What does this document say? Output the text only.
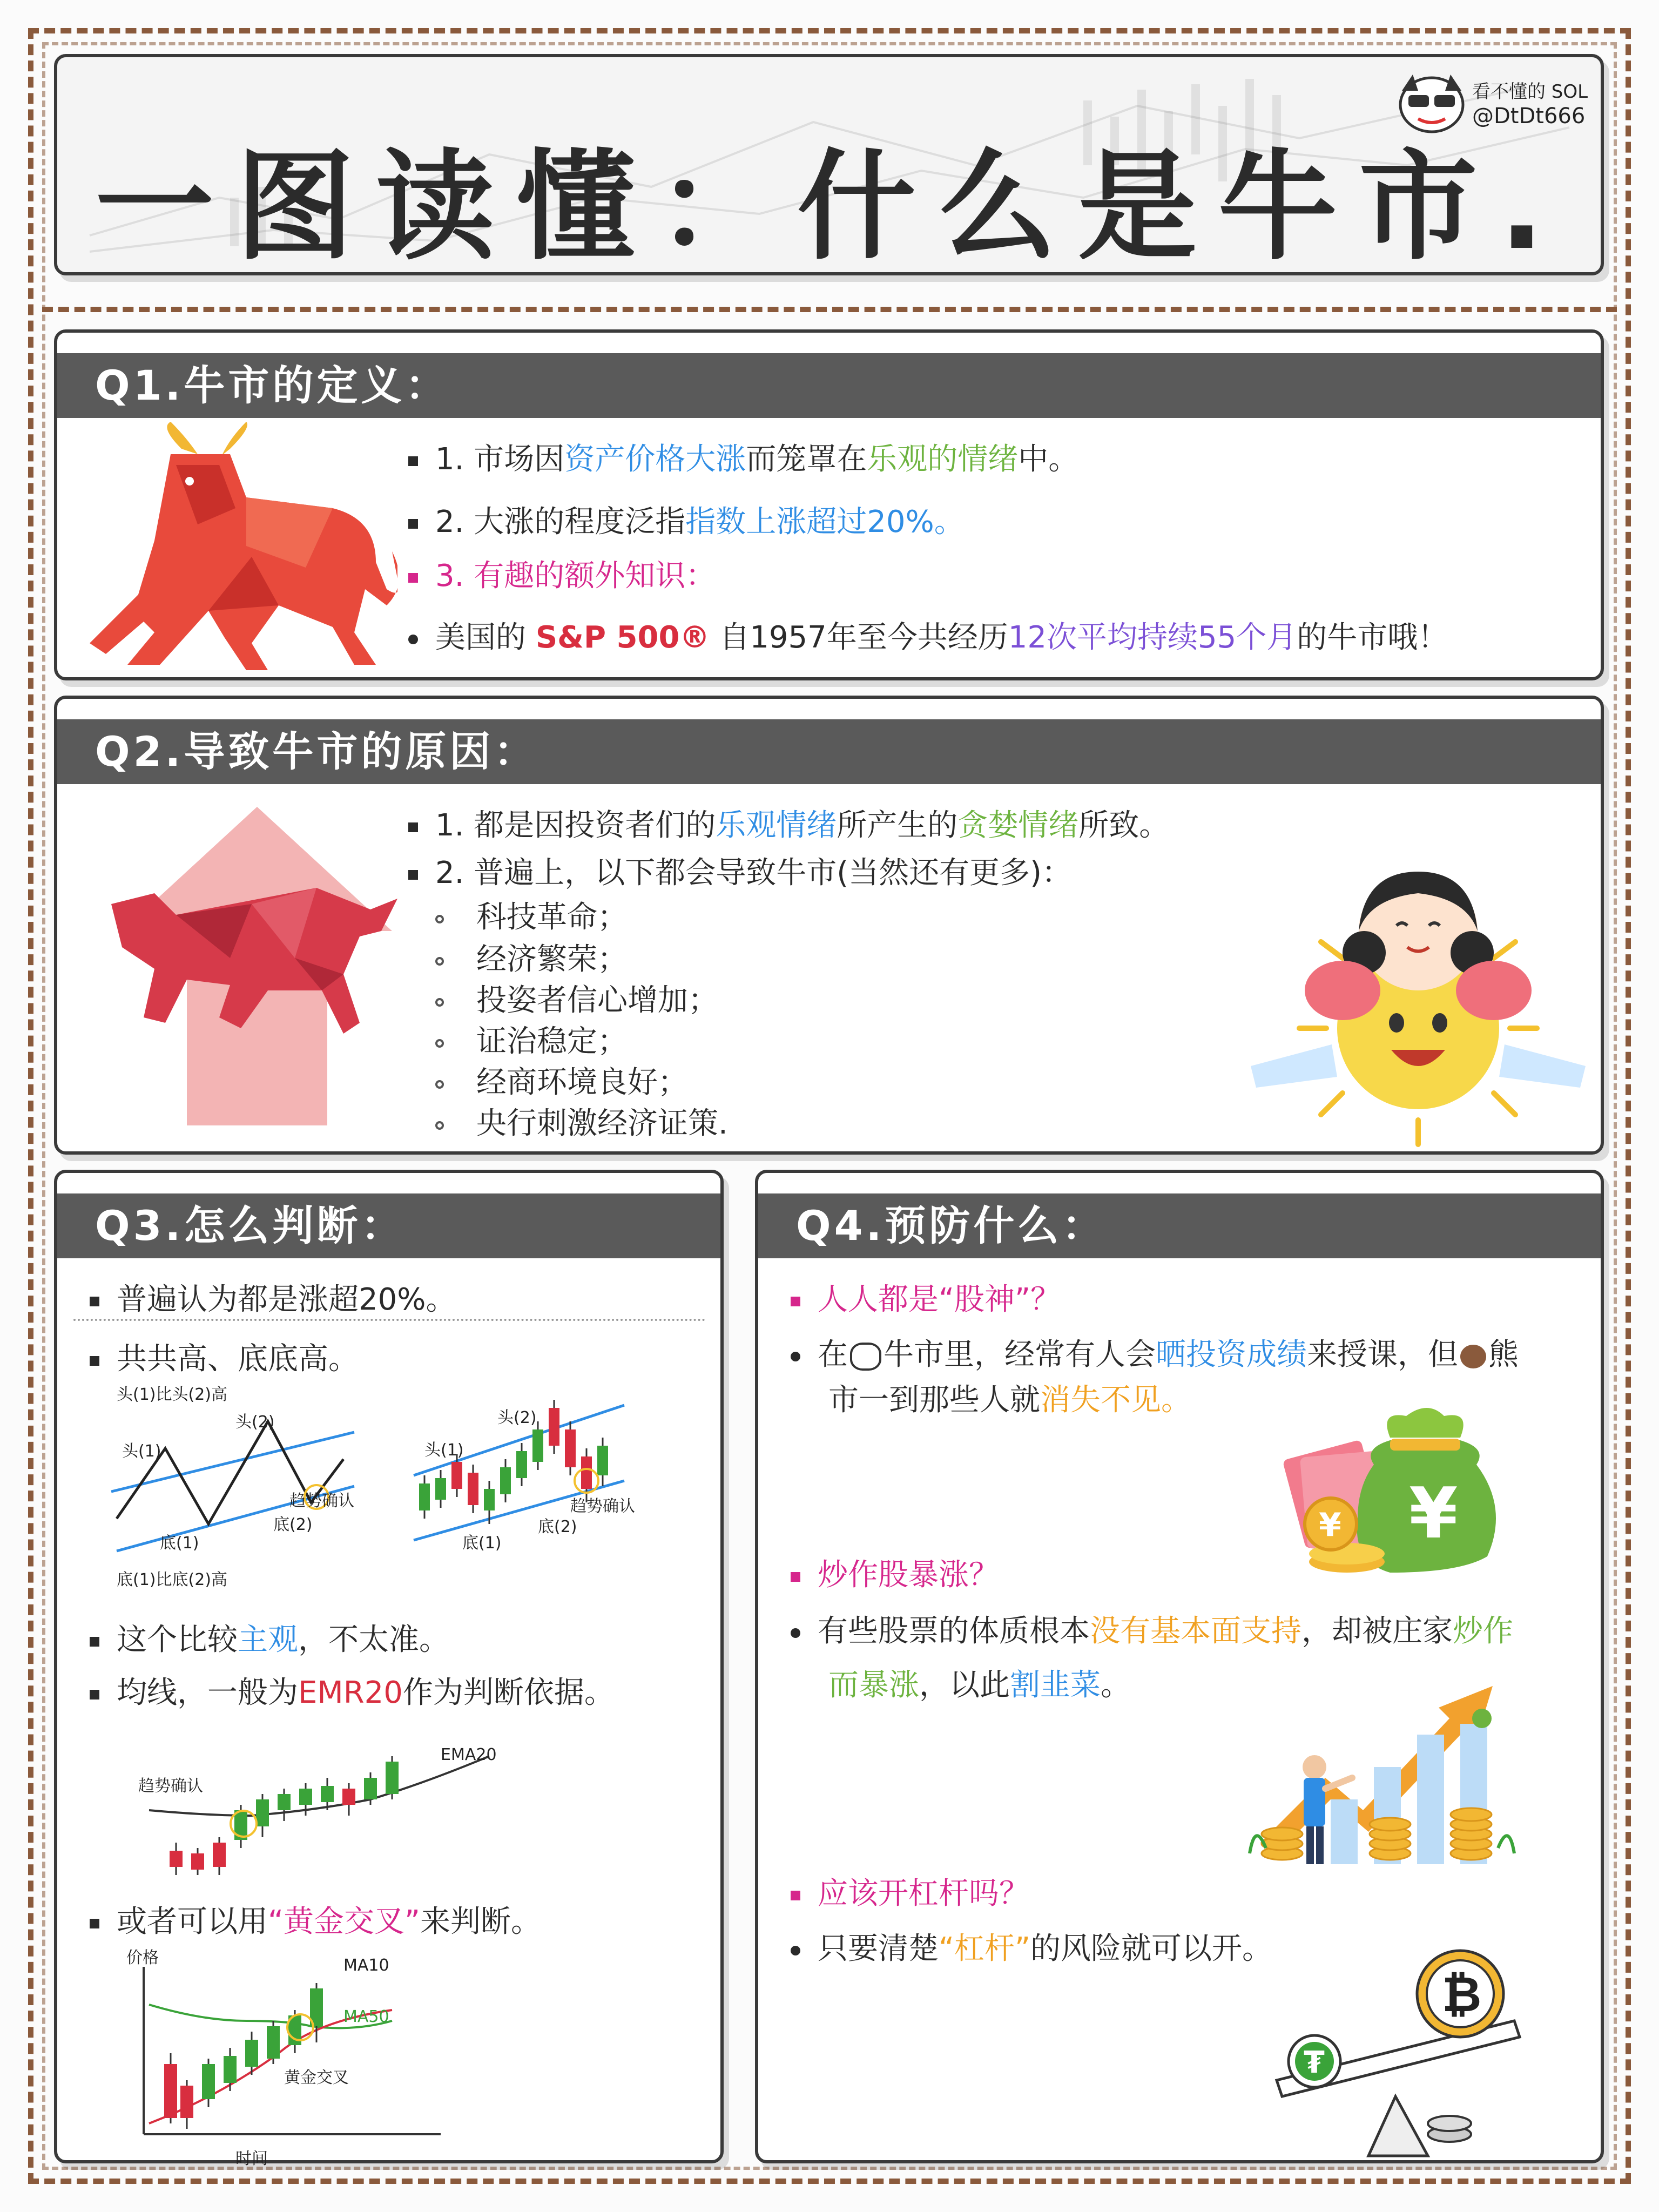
一图读懂：什么是牛市.
看不懂的 SOL
@DtDt666
Q1.牛市的定义：
1. 市场因资产价格大涨而笼罩在乐观的情绪中。
2. 大涨的程度泛指指数上涨超过20%。
3. 有趣的额外知识：
美国的 S&P 500® 自1957年至今共经历12次平均持续55个月的牛市哦！
Q2.导致牛市的原因：
1. 都是因投资者们的乐观情绪所产生的贪婪情绪所致。
2. 普遍上，以下都会导致牛市(当然还有更多)：
科技革命；
经济繁荣；
投姿者信心增加；
证治稳定；
经商环境良好；
央行刺激经济证策.
Q3.怎么判断：
普遍认为都是涨超20%。
共共高、底底高。
头(1)比头(2)高
头(1)
头(2)
底(1)
底(2)
趋势确认
底(1)比底(2)高
头(1)
头(2)
底(1)
底(2)
趋势确认
这个比较主观，不太准。
均线，一般为EMR20作为判断依据。
趋势确认
EMA20
或者可以用“黄金交叉”来判断。
价格
时间
MA10
MA50
黄金交叉
Q4.预防什么：
人人都是“股神”？
在 牛市里，经常有人会晒投资成绩来授课，但 熊
市一到那些人就消失不见。
¥
¥
炒作股暴涨？
有些股票的体质根本没有基本面支持，却被庄家炒作
而暴涨，以此割韭菜。
应该开杠杆吗？
只要清楚“杠杆”的风险就可以开。
₿
₮
